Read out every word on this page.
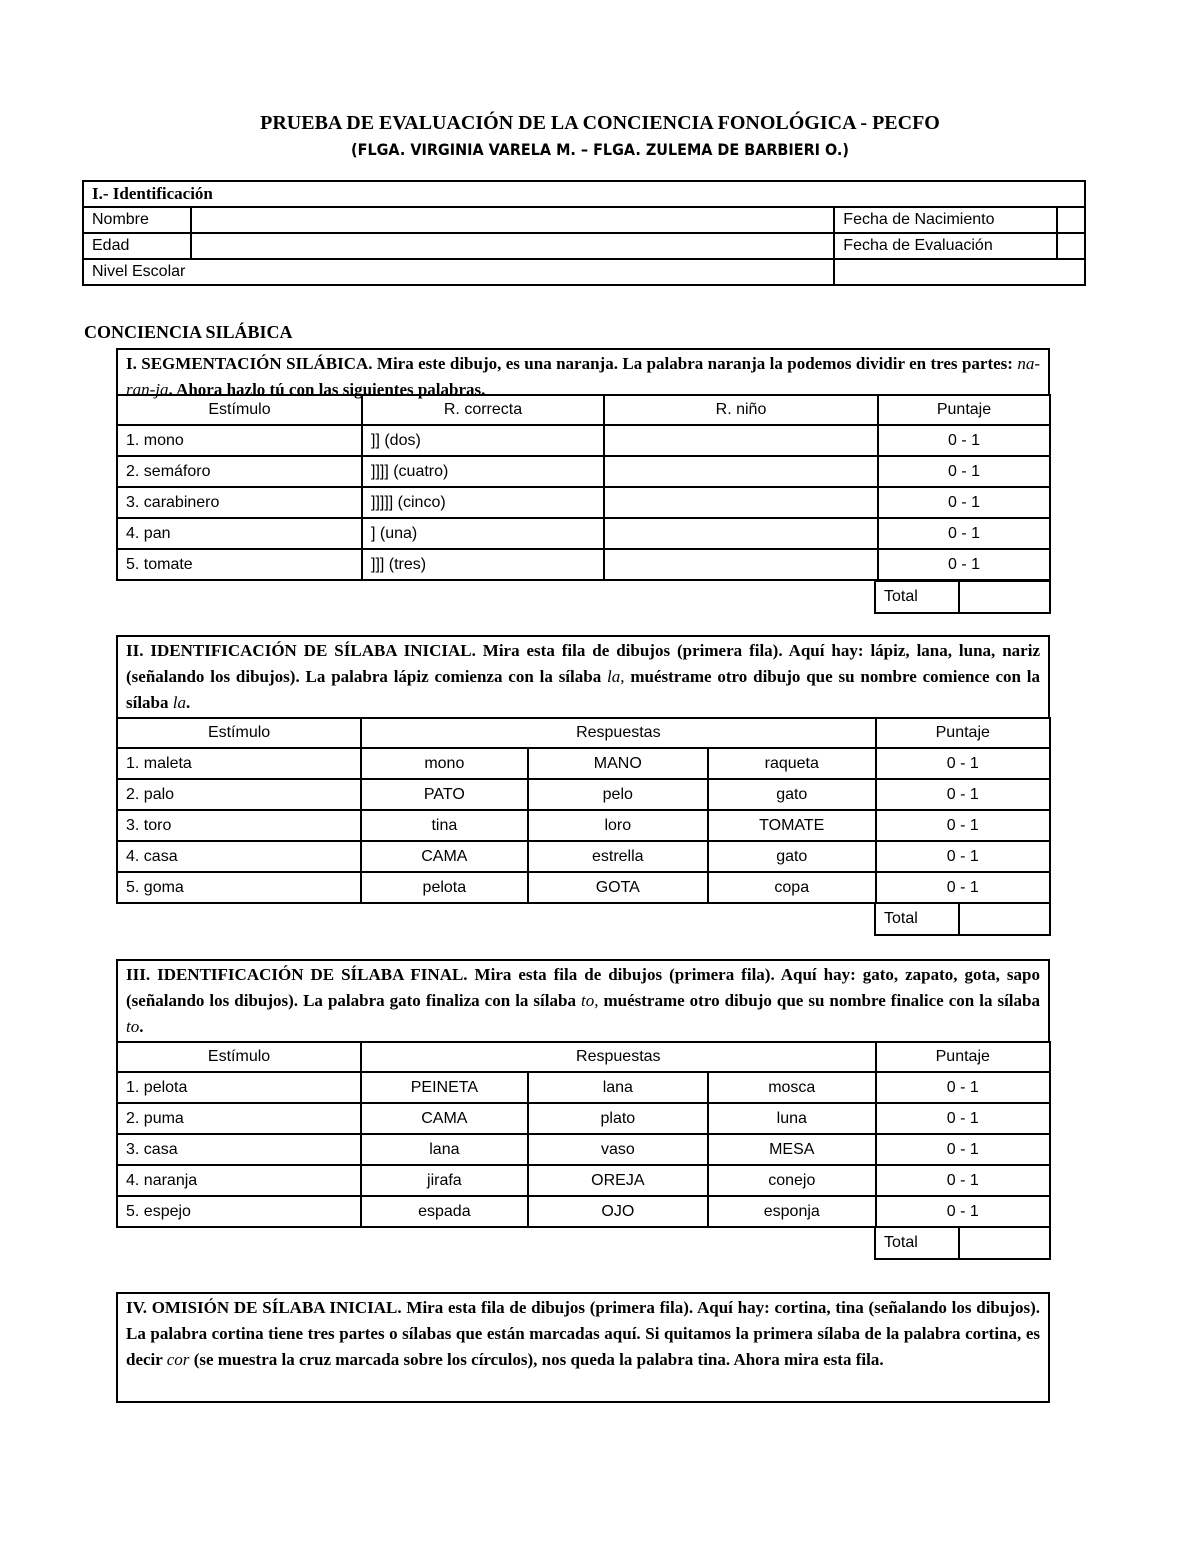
PRUEBA DE EVALUACIÓN DE LA CONCIENCIA FONOLÓGICA - PECFO
(FLGA. VIRGINIA VARELA M. – FLGA. ZULEMA DE BARBIERI O.)
I.- Identificación			
Nombre		Fecha de Nacimiento	
Edad		Fecha de Evaluación	
Nivel Escolar			
CONCIENCIA SILÁBICA
I. SEGMENTACIÓN SILÁBICA. Mira este dibujo, es una naranja. La palabra naranja la podemos dividir en tres partes: na-ran-ja. Ahora hazlo tú con las siguientes palabras.
Estímulo	R. correcta	R. niño	Puntaje
1. mono	]] (dos)		0 - 1
2. semáforo	]]]] (cuatro)		0 - 1
3. carabinero	]]]]] (cinco)		0 - 1
4. pan	] (una)		0 - 1
5. tomate	]]] (tres)		0 - 1
Total	
II. IDENTIFICACIÓN DE SÍLABA INICIAL. Mira esta fila de dibujos (primera fila). Aquí hay: lápiz, lana, luna, nariz (señalando los dibujos). La palabra lápiz comienza con la sílaba la, muéstrame otro dibujo que su nombre comience con la sílaba la.
Estímulo	Respuestas			Puntaje
1. maleta	mono	MANO	raqueta	0 - 1
2. palo	PATO	pelo	gato	0 - 1
3. toro	tina	loro	TOMATE	0 - 1
4. casa	CAMA	estrella	gato	0 - 1
5. goma	pelota	GOTA	copa	0 - 1
Total	
III. IDENTIFICACIÓN DE SÍLABA FINAL. Mira esta fila de dibujos (primera fila). Aquí hay: gato, zapato, gota, sapo (señalando los dibujos). La palabra gato finaliza con la sílaba to, muéstrame otro dibujo que su nombre finalice con la sílaba to.
Estímulo	Respuestas			Puntaje
1. pelota	PEINETA	lana	mosca	0 - 1
2. puma	CAMA	plato	luna	0 - 1
3. casa	lana	vaso	MESA	0 - 1
4. naranja	jirafa	OREJA	conejo	0 - 1
5. espejo	espada	OJO	esponja	0 - 1
Total	
IV. OMISIÓN DE SÍLABA INICIAL. Mira esta fila de dibujos (primera fila). Aquí hay: cortina, tina (señalando los dibujos). La palabra cortina tiene tres partes o sílabas que están marcadas aquí. Si quitamos la primera sílaba de la palabra cortina, es decir cor (se muestra la cruz marcada sobre los círculos), nos queda la palabra tina. Ahora mira esta fila.
